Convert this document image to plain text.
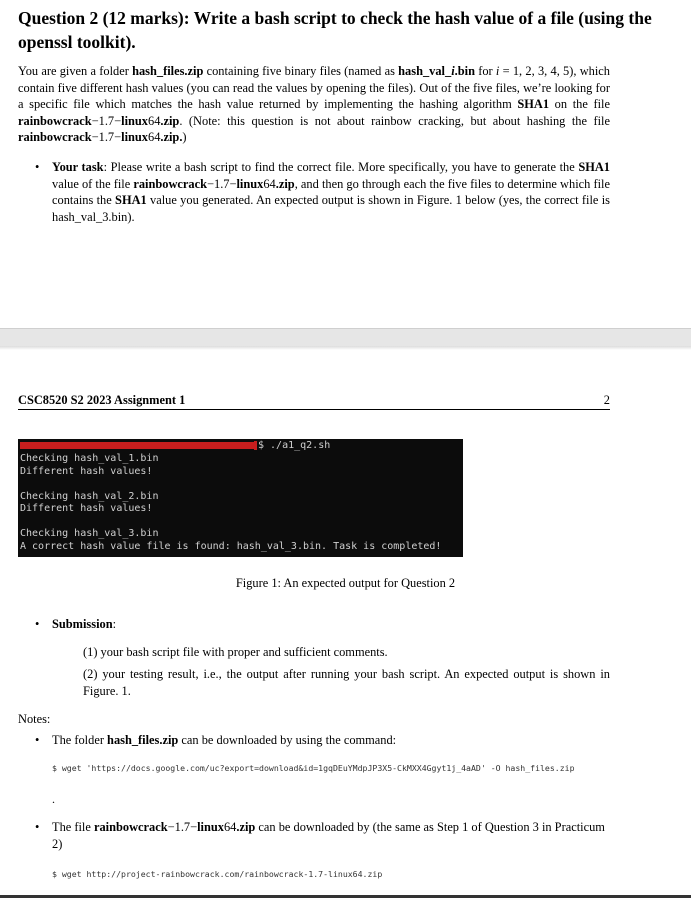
Question 2 (12 marks): Write a bash script to check the hash value of a file (using the openssl toolkit).
You are given a folder hash_files.zip containing five binary files (named as hash_val_i.bin for i = 1, 2, 3, 4, 5), which contain five different hash values (you can read the values by opening the files). Out of the five files, we’re looking for a specific file which matches the hash value returned by implementing the hashing algorithm SHA1 on the file rainbowcrack−1.7−linux64.zip. (Note: this question is not about rainbow cracking, but about hashing the file rainbowcrack−1.7−linux64.zip.)
• Your task: Please write a bash script to find the correct file. More specifically, you have to generate the SHA1 value of the file rainbowcrack−1.7−linux64.zip, and then go through each the five files to determine which file contains the SHA1 value you generated. An expected output is shown in Figure. 1 below (yes, the correct file is hash_val_3.bin).
CSC8520 S2 2023 Assignment 1	2
$ ./a1_q2.sh
Checking hash_val_1.bin
Different hash values!
Checking hash_val_2.bin
Different hash values!
Checking hash_val_3.bin
A correct hash value file is found: hash_val_3.bin. Task is completed!
Figure 1: An expected output for Question 2
• Submission:
(1) your bash script file with proper and sufficient comments.
(2) your testing result, i.e., the output after running your bash script. An expected output is shown in Figure. 1.
Notes:
• The folder hash_files.zip can be downloaded by using the command:
$ wget 'https://docs.google.com/uc?export=download&id=1gqDEuYMdpJP3X5-CkMXX4Ggyt1j_4aAD' -O hash_files.zip
.
• The file rainbowcrack−1.7−linux64.zip can be downloaded by (the same as Step 1 of Question 3 in Practicum 2)
$ wget http://project-rainbowcrack.com/rainbowcrack-1.7-linux64.zip
